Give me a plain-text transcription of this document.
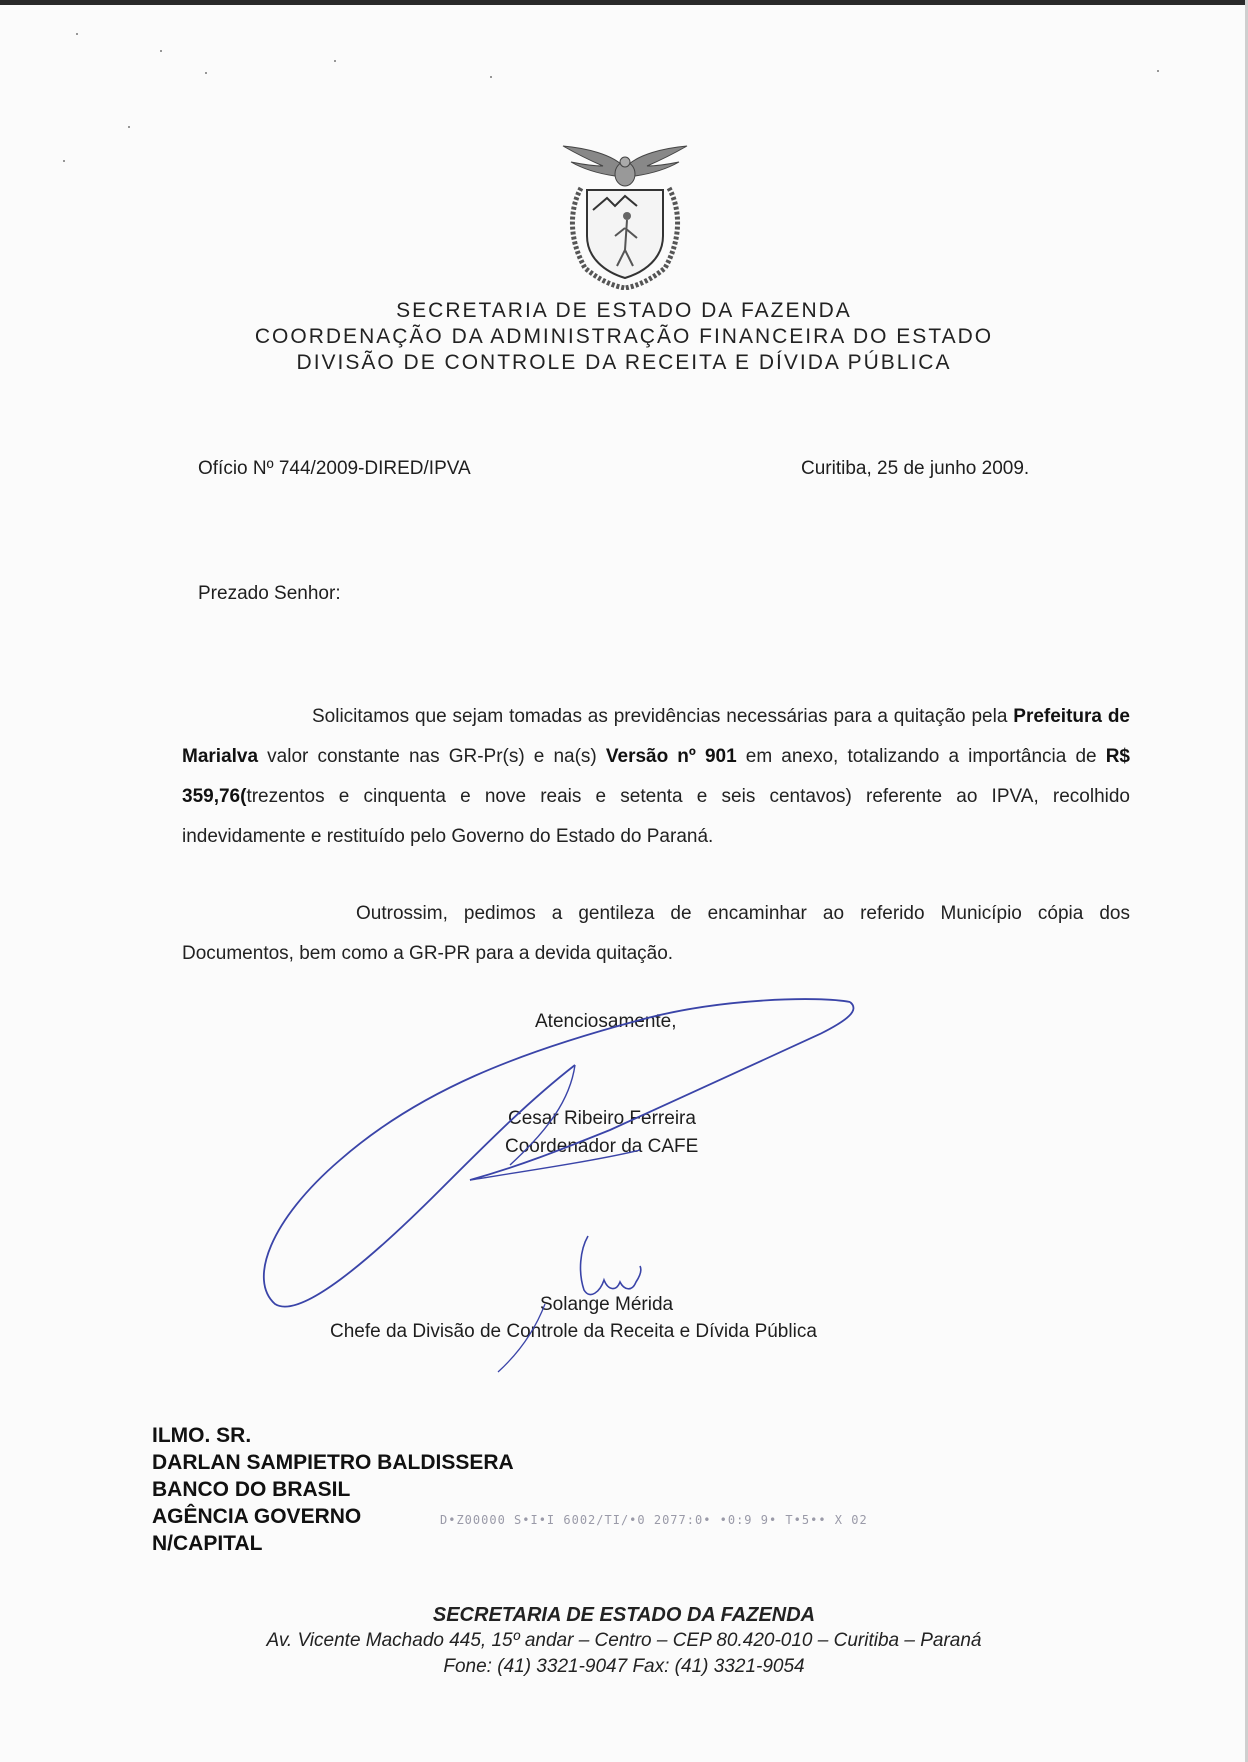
SECRETARIA DE ESTADO DA FAZENDA
COORDENAÇÃO DA ADMINISTRAÇÃO FINANCEIRA DO ESTADO
DIVISÃO DE CONTROLE DA RECEITA E DÍVIDA PÚBLICA
Ofício Nº 744/2009-DIRED/IPVA	Curitiba, 25 de junho 2009.
Prezado Senhor:
Solicitamos que sejam tomadas as previdências necessárias para a quitação pela Prefeitura de Marialva valor constante nas GR-Pr(s) e na(s) Versão nº 901 em anexo, totalizando a importância de R$ 359,76(trezentos e cinquenta e nove reais e setenta e seis centavos) referente ao IPVA, recolhido indevidamente e restituído pelo Governo do Estado do Paraná.
Outrossim, pedimos a gentileza de encaminhar ao referido Município cópia dos Documentos, bem como a GR-PR para a devida quitação.
Atenciosamente,
Cesar Ribeiro Ferreira
Coordenador da CAFE
Solange Mérida
Chefe da Divisão de Controle da Receita e Dívida Pública
ILMO. SR.
DARLAN SAMPIETRO BALDISSERA
BANCO DO BRASIL
AGÊNCIA GOVERNO
N/CAPITAL
D•Z00000 S•I•I 6002/TI/•0 2077:0• •0:9 9• T•5•• X 02
SECRETARIA DE ESTADO DA FAZENDA
Av. Vicente Machado 445, 15º andar – Centro – CEP 80.420-010 – Curitiba – Paraná
Fone: (41) 3321-9047 Fax: (41) 3321-9054
